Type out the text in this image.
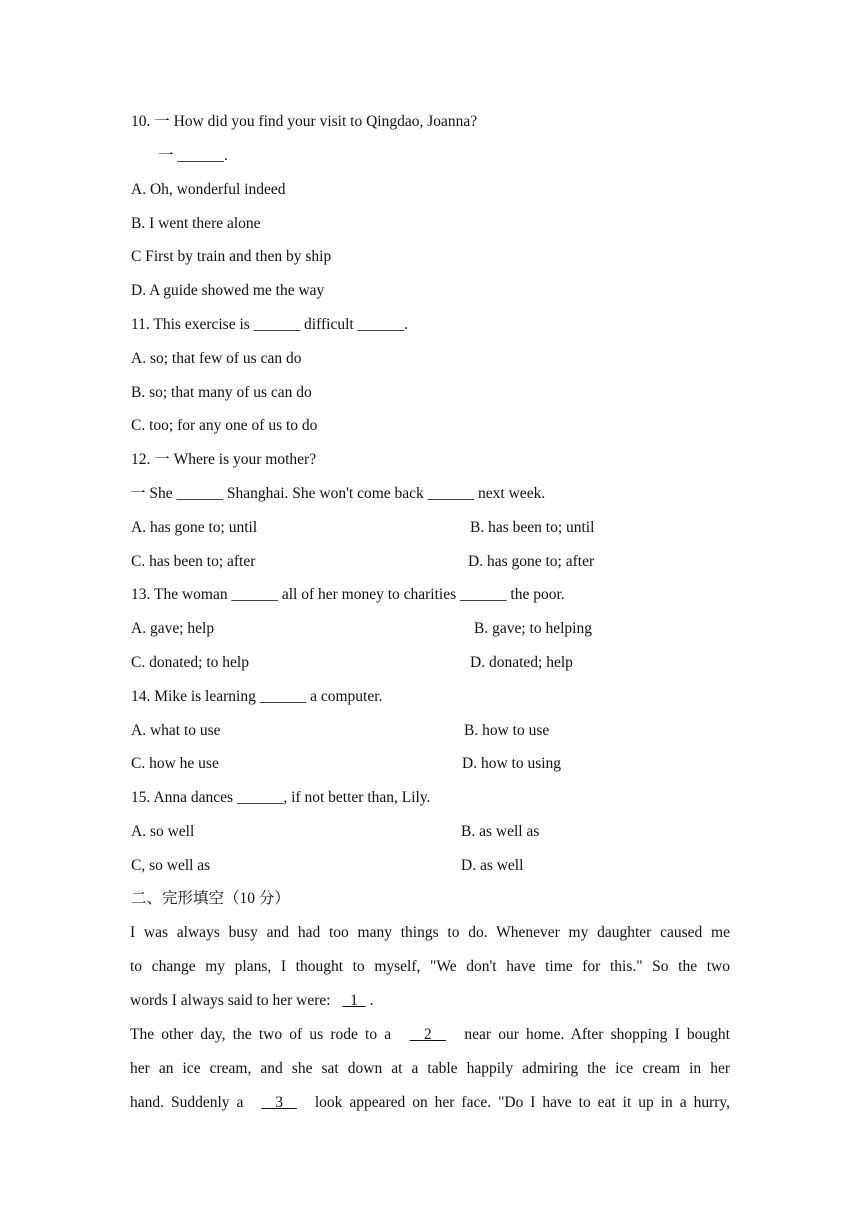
10. 一 How did you find your visit to Qingdao, Joanna?
一 ______.
A. Oh, wonderful indeed
B. I went there alone
C First by train and then by ship
D. A guide showed me the way
11. This exercise is ______ difficult ______.
A. so; that few of us can do
B. so; that many of us can do
C. too; for any one of us to do
12. 一 Where is your mother?
一 She ______ Shanghai. She won't come back ______ next week.
A. has gone to; until	B. has been to; until
C. has been to; after	D. has gone to; after
13. The woman ______ all of her money to charities ______ the poor.
A. gave; help	B. gave; to helping
C. donated; to help	D. donated; help
14. Mike is learning ______ a computer.
A. what to use	B. how to use
C. how he use	D. how to using
15. Anna dances ______, if not better than, Lily.
A. so well	B. as well as
C, so well as	D. as well
二、完形填空（10 分）
I was always busy and had too many things to do. Whenever my daughter caused me
to change my plans, I thought to myself, "We don't have time for this." So the two
words I always said to her were: 1 .
The other day, the two of us rode to a 2 near our home. After shopping I bought
her an ice cream, and she sat down at a table happily admiring the ice cream in her
hand. Suddenly a 3 look appeared on her face. "Do I have to eat it up in a hurry,
